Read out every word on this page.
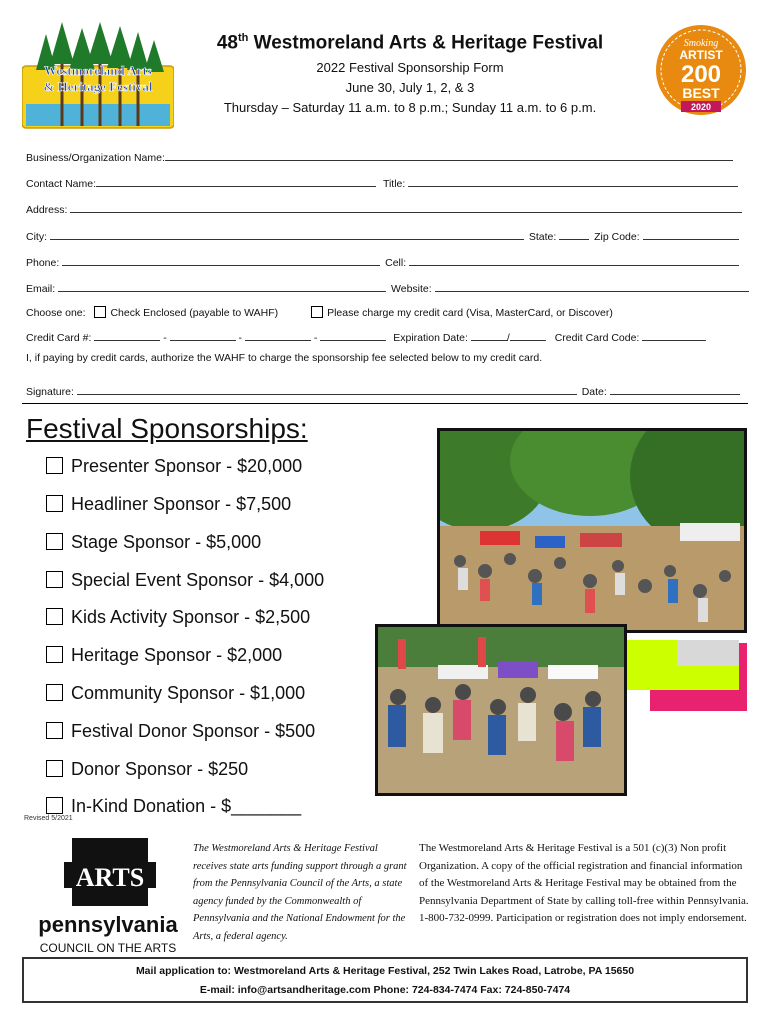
Westmoreland Arts
& Heritage Festival
48th Westmoreland Arts & Heritage Festival
2022 Festival Sponsorship Form
June 30, July 1, 2, & 3
Thursday – Saturday 11 a.m. to 8 p.m.; Sunday 11 a.m. to 6 p.m.
Smoking
ARTIST
200
BEST
2020
Business/Organization Name:
Contact Name:	Title:
Address:
City:	State:	Zip Code:
Phone:	Cell:
Email:	Website:
Choose one: Check Enclosed (payable to WAHF)	Please charge my credit card (Visa, MasterCard, or Discover)
Credit Card #:	-	-	-	Expiration Date:	/	Credit Card Code:
I, if paying by credit cards, authorize the WAHF to charge the sponsorship fee selected below to my credit card.
Signature:	Date:
Festival Sponsorships:
Presenter Sponsor - $20,000
Headliner Sponsor - $7,500
Stage Sponsor - $5,000
Special Event Sponsor - $4,000
Kids Activity Sponsor - $2,500
Heritage Sponsor - $2,000
Community Sponsor - $1,000
Festival Donor Sponsor - $500
Donor Sponsor - $250
In-Kind Donation - $_______
Revised 5/2021
ARTS
pennsylvania
COUNCIL ON THE ARTS
The Westmoreland Arts & Heritage Festival receives state arts funding support through a grant from the Pennsylvania Council of the Arts, a state agency funded by the Commonwealth of Pennsylvania and the National Endowment for the Arts, a federal agency.
The Westmoreland Arts & Heritage Festival is a 501 (c)(3) Non profit Organization. A copy of the official registration and financial information of the Westmoreland Arts & Heritage Festival may be obtained from the Pennsylvania Department of State by calling toll-free within Pennsylvania. 1-800-732-0999. Participation or registration does not imply endorsement.
Mail application to: Westmoreland Arts & Heritage Festival, 252 Twin Lakes Road, Latrobe, PA 15650
E-mail: info@artsandheritage.com Phone: 724-834-7474 Fax: 724-850-7474
